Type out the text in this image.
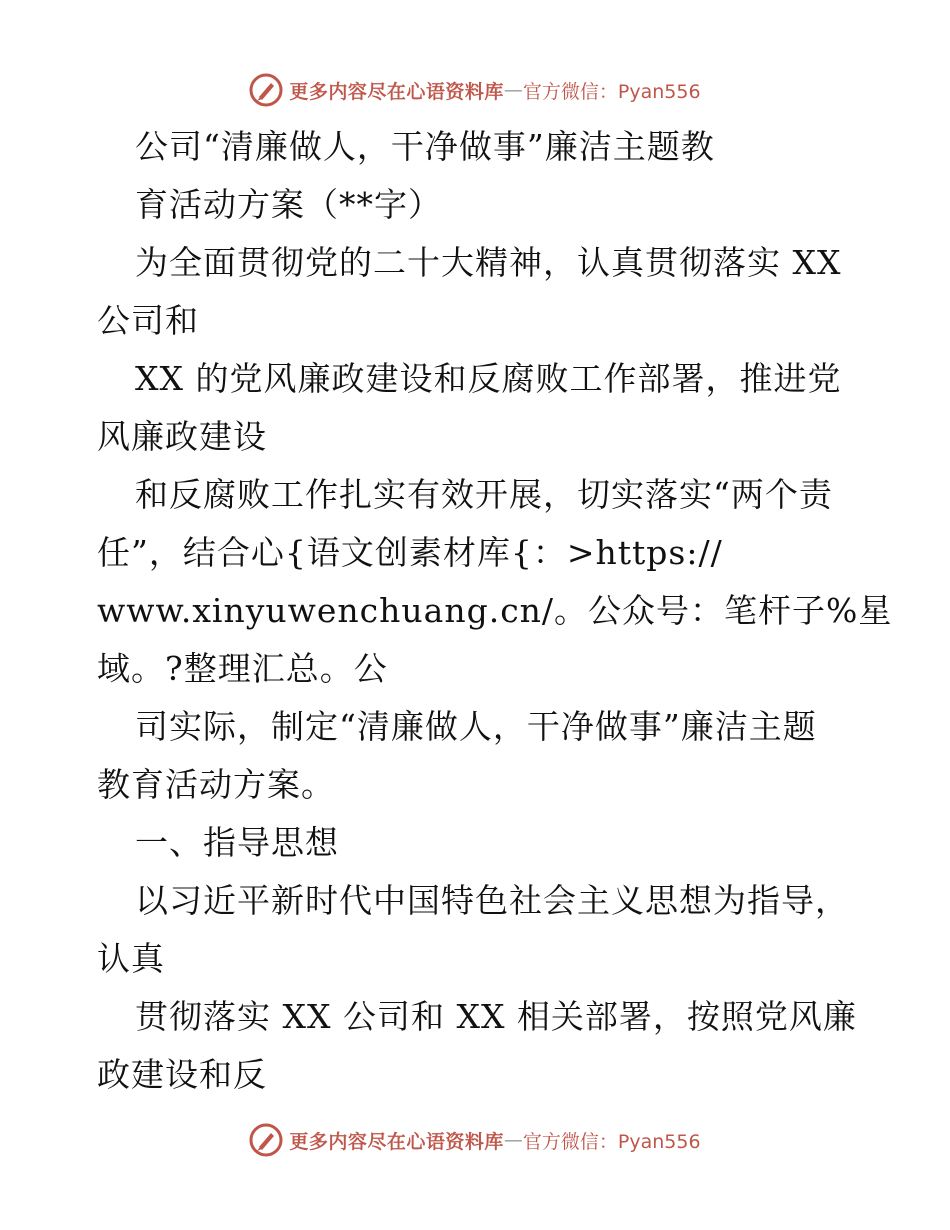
更多内容尽在心语资料库 — 官方微信：Pyan556
公司“清廉做人，干净做事”廉洁主题教
育活动方案（**字）
为全面贯彻党的二十大精神，认真贯彻落实 XX
公司和
XX 的党风廉政建设和反腐败工作部署，推进党
风廉政建设
和反腐败工作扎实有效开展，切实落实“两个责
任”，结合心{语文创素材库{：>https://
www.xinyuwenchuang.cn/。公众号：笔杆子%星
域。?整理汇总。公
司实际，制定“清廉做人，干净做事”廉洁主题
教育活动方案。
一、指导思想
以习近平新时代中国特色社会主义思想为指导，
认真
贯彻落实 XX 公司和 XX 相关部署，按照党风廉
政建设和反
更多内容尽在心语资料库 — 官方微信：Pyan556
